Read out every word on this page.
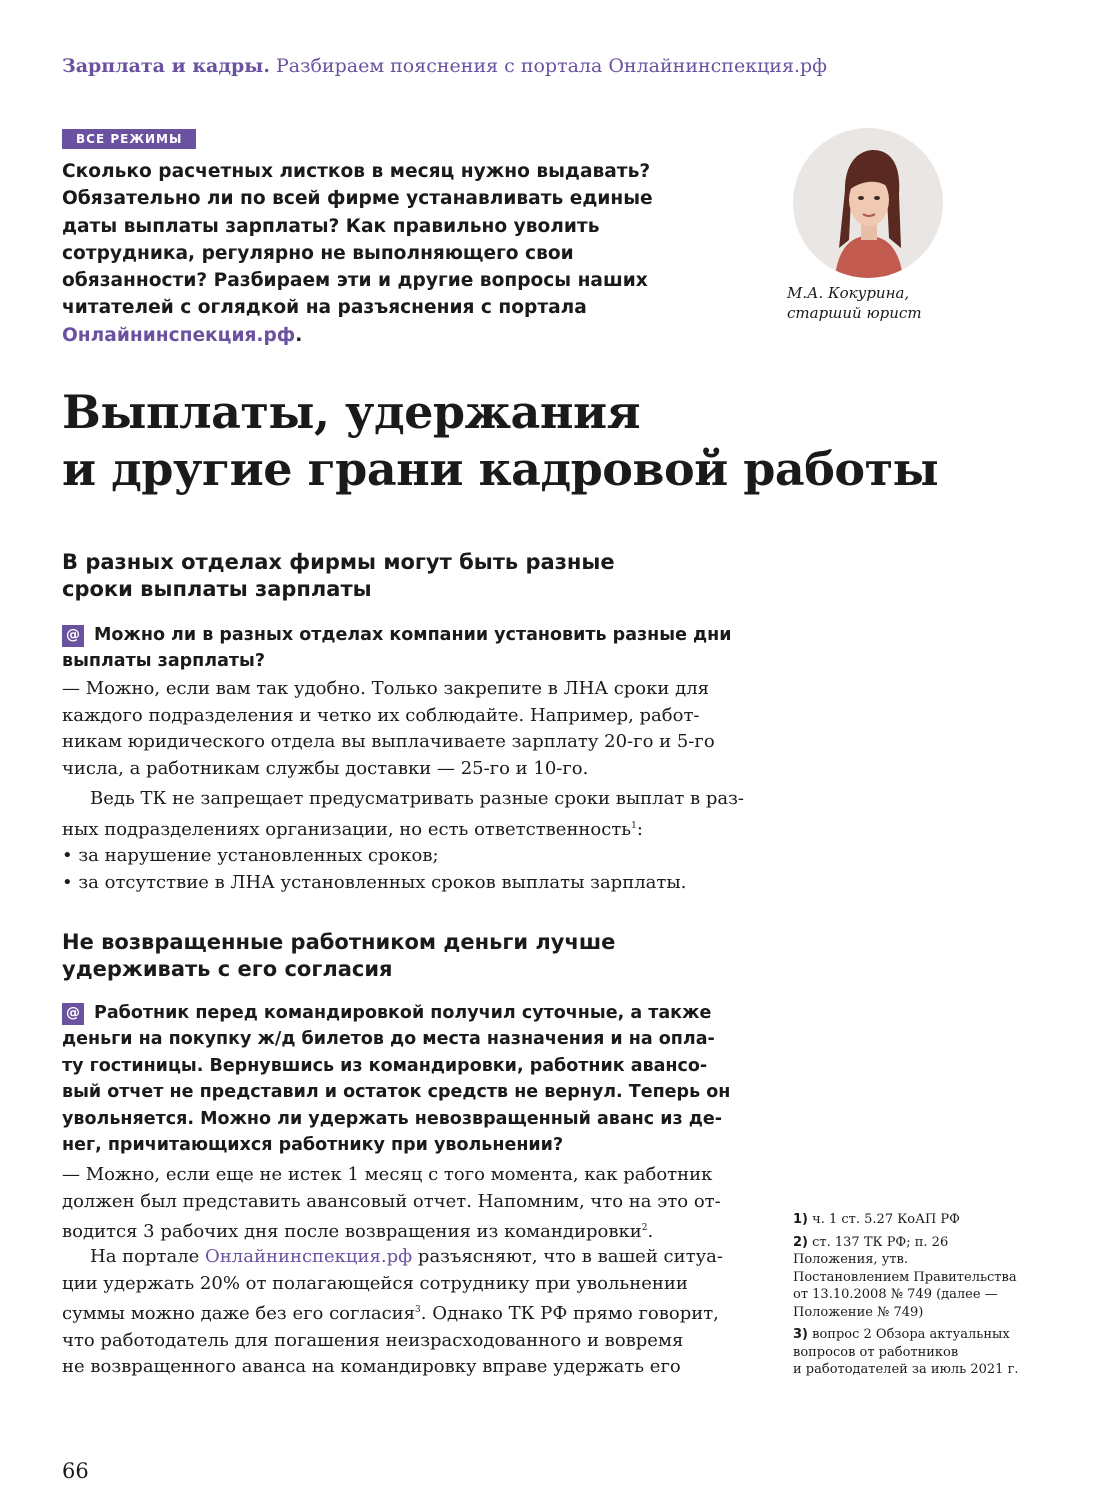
Зарплата и кадры. Разбираем пояснения с портала Онлайнинспекция.рф
ВСЕ РЕЖИМЫ

Сколько расчетных листков в месяц нужно выдавать?

Обязательно ли по всей фирме устанавливать единые

даты выплаты зарплаты? Как правильно уволить

сотрудника, регулярно не выполняющего свои

обязанности? Разбираем эти и другие вопросы наших

читателей с оглядкой на разъяснения с портала

Онлайнинспекция.рф.

М.А. Кокурина,
старший юрист
Выплаты, удержания
и другие грани кадровой работы
В разных отделах фирмы могут быть разные
сроки выплаты зарплаты
@ Можно ли в разных отделах компании установить разные дни
выплаты зарплаты?
— Можно, если вам так удобно. Только закрепите в ЛНА сроки для
каждого подразделения и четко их соблюдайте. Например, работ-
никам юридического отдела вы выплачиваете зарплату 20-го и 5-го
числа, а работникам службы доставки — 25-го и 10-го.
Ведь ТК не запрещает предусматривать разные сроки выплат в раз-
ных подразделениях организации, но есть ответственность$^1$:
• за нарушение установленных сроков;
• за отсутствие в ЛНА установленных сроков выплаты зарплаты.
Не возвращенные работником деньги лучше
удерживать с его согласия
@ Работник перед командировкой получил суточные, а также
деньги на покупку ж/д билетов до места назначения и на опла-
ту гостиницы. Вернувшись из командировки, работник авансо-
вый отчет не представил и остаток средств не вернул. Теперь он
увольняется. Можно ли удержать невозвращенный аванс из де-
нег, причитающихся работнику при увольнении?
— Можно, если еще не истек 1 месяц с того момента, как работник
должен был представить авансовый отчет. Напомним, что на это от-
водится 3 рабочих дня после возвращения из командировки$^2$.
На портале Онлайнинспекция.рф разъясняют, что в вашей ситуа-
ции удержать 20% от полагающейся сотруднику при увольнении
суммы можно даже без его согласия$^3$. Однако ТК РФ прямо говорит,
что работодатель для погашения неизрасходованного и вовремя
не возвращенного аванса на командировку вправе удержать его

1) ч. 1 ст. 5.27 КоАП РФ

2) ст. 137 ТК РФ; п. 26
Положения, утв.
Постановлением Правительства
от 13.10.2008 № 749 (далее —
Положение № 749)

3) вопрос 2 Обзора актуальных
вопросов от работников
и работодателей за июль 2021 г.

66
